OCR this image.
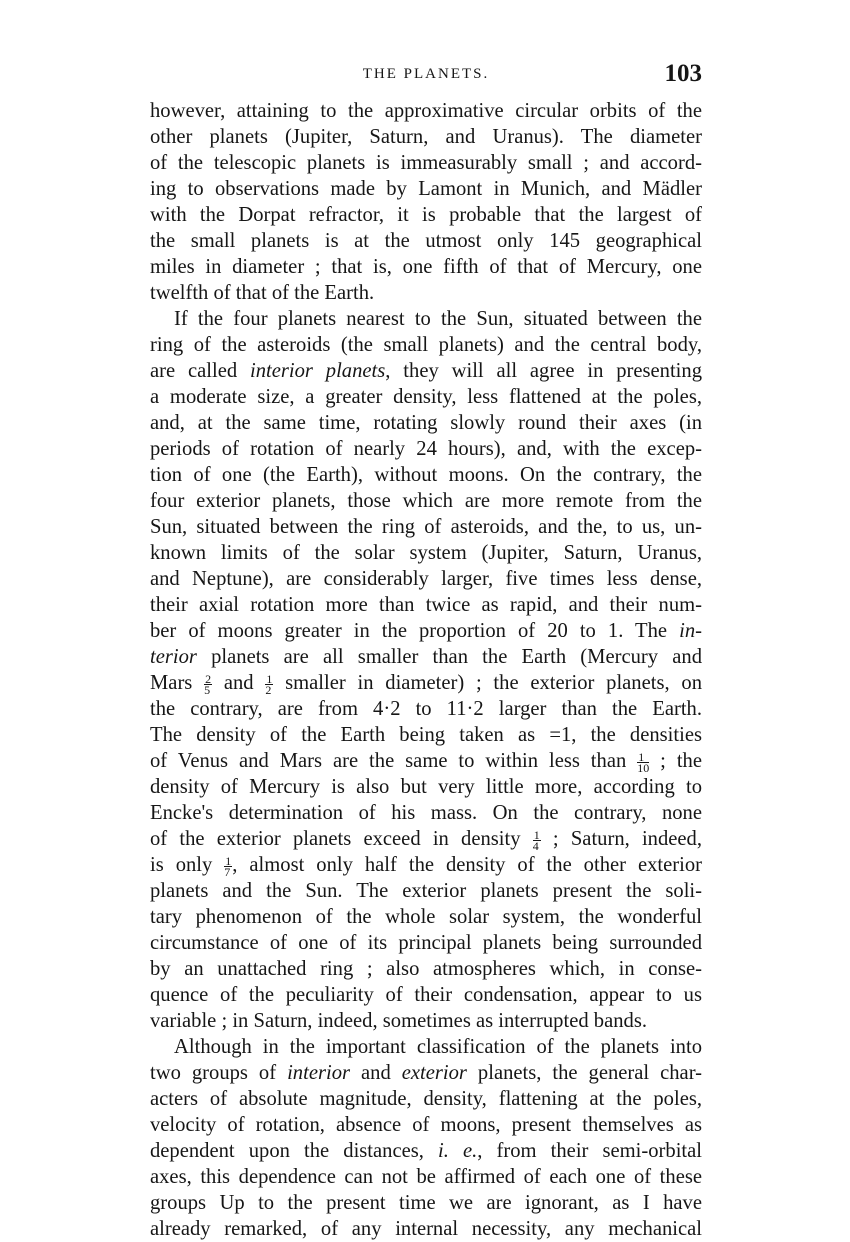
THE PLANETS.	103
however, attaining to the approximative circular orbits of the
other planets (Jupiter, Saturn, and Uranus). The diameter
of the telescopic planets is immeasurably small ; and accord-
ing to observations made by Lamont in Munich, and Mädler
with the Dorpat refractor, it is probable that the largest of
the small planets is at the utmost only 145 geographical
miles in diameter ; that is, one fifth of that of Mercury, one
twelfth of that of the Earth.
If the four planets nearest to the Sun, situated between the
ring of the asteroids (the small planets) and the central body,
are called interior planets, they will all agree in presenting
a moderate size, a greater density, less flattened at the poles,
and, at the same time, rotating slowly round their axes (in
periods of rotation of nearly 24 hours), and, with the excep-
tion of one (the Earth), without moons. On the contrary, the
four exterior planets, those which are more remote from the
Sun, situated between the ring of asteroids, and the, to us, un-
known limits of the solar system (Jupiter, Saturn, Uranus,
and Neptune), are considerably larger, five times less dense,
their axial rotation more than twice as rapid, and their num-
ber of moons greater in the proportion of 20 to 1. The in-
terior planets are all smaller than the Earth (Mercury and
Mars $\frac{2}{5}$ and $\frac{1}{2}$ smaller in diameter) ; the exterior planets, on
the contrary, are from 4·2 to 11·2 larger than the Earth.
The density of the Earth being taken as =1, the densities
of Venus and Mars are the same to within less than $\frac{1}{10}$ ; the
density of Mercury is also but very little more, according to
Encke's determination of his mass. On the contrary, none
of the exterior planets exceed in density $\frac{1}{4}$ ; Saturn, indeed,
is only $\frac{1}{7}$ , almost only half the density of the other exterior
planets and the Sun. The exterior planets present the soli-
tary phenomenon of the whole solar system, the wonderful
circumstance of one of its principal planets being surrounded
by an unattached ring ; also atmospheres which, in conse-
quence of the peculiarity of their condensation, appear to us
variable ; in Saturn, indeed, sometimes as interrupted bands.
Although in the important classification of the planets into
two groups of interior and exterior planets, the general char-
acters of absolute magnitude, density, flattening at the poles,
velocity of rotation, absence of moons, present themselves as
dependent upon the distances, i. e., from their semi-orbital
axes, this dependence can not be affirmed of each one of these
groups Up to the present time we are ignorant, as I have
already remarked, of any internal necessity, any mechanical
